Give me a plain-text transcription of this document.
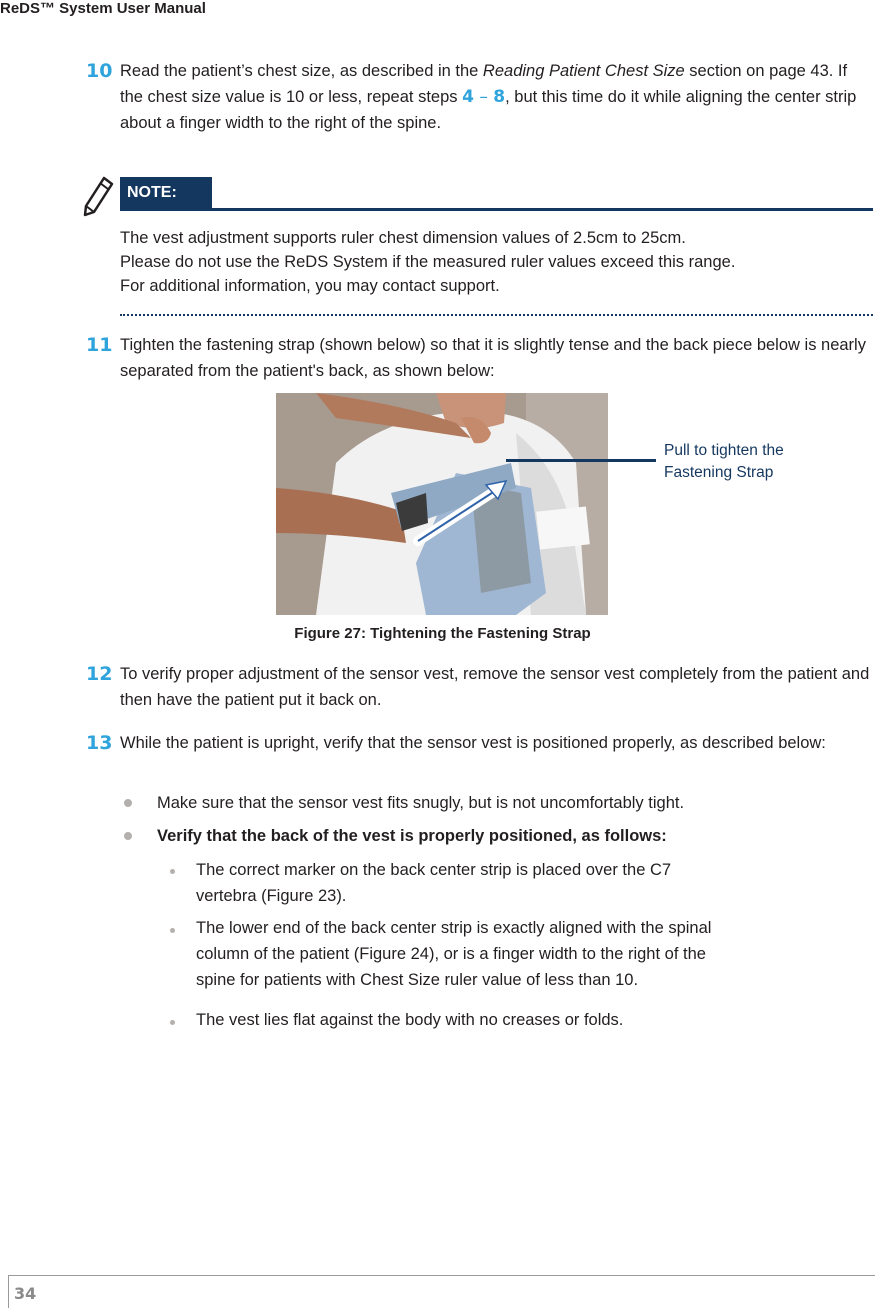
ReDS™ System User Manual
10 Read the patient’s chest size, as described in the Reading Patient Chest Size section on page 43. If the chest size value is 10 or less, repeat steps 4 – 8, but this time do it while aligning the center strip about a finger width to the right of the spine.
NOTE:
The vest adjustment supports ruler chest dimension values of 2.5cm to 25cm.
Please do not use the ReDS System if the measured ruler values exceed this range.
For additional information, you may contact support.
11 Tighten the fastening strap (shown below) so that it is slightly tense and the back piece below is nearly separated from the patient's back, as shown below:
Pull to tighten the
Fastening Strap
Figure 27: Tightening the Fastening Strap
12 To verify proper adjustment of the sensor vest, remove the sensor vest completely from the patient and then have the patient put it back on.
13 While the patient is upright, verify that the sensor vest is positioned properly, as described below:
Make sure that the sensor vest fits snugly, but is not uncomfortably tight.
Verify that the back of the vest is properly positioned, as follows:
The correct marker on the back center strip is placed over the C7
vertebra (Figure 23).
The lower end of the back center strip is exactly aligned with the spinal
column of the patient (Figure 24), or is a finger width to the right of the
spine for patients with Chest Size ruler value of less than 10.
The vest lies flat against the body with no creases or folds.
34
